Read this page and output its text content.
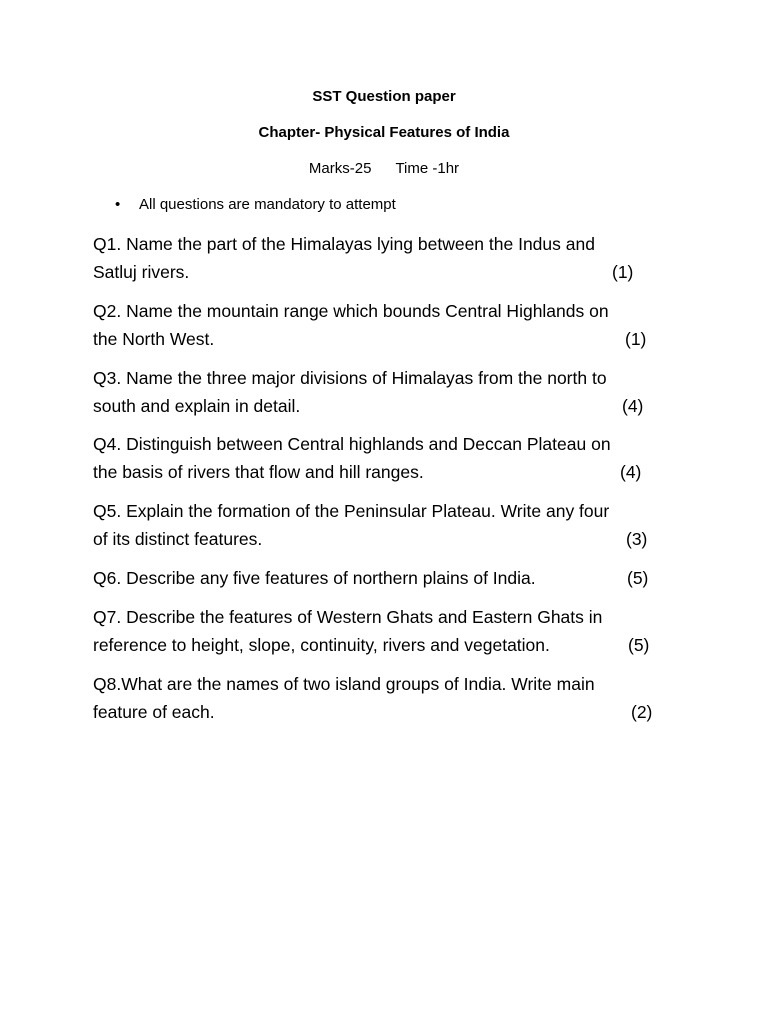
SST Question paper
Chapter- Physical Features of India
Marks-25 Time -1hr
• All questions are mandatory to attempt
Q1. Name the part of the Himalayas lying between the Indus and
Satluj rivers.	(1)
Q2. Name the mountain range which bounds Central Highlands on
the North West.	(1)
Q3. Name the three major divisions of Himalayas from the north to
south and explain in detail.	(4)
Q4. Distinguish between Central highlands and Deccan Plateau on
the basis of rivers that flow and hill ranges.	(4)
Q5. Explain the formation of the Peninsular Plateau. Write any four
of its distinct features.	(3)
Q6. Describe any five features of northern plains of India.	(5)
Q7. Describe the features of Western Ghats and Eastern Ghats in
reference to height, slope, continuity, rivers and vegetation.	(5)
Q8.What are the names of two island groups of India. Write main
feature of each.	(2)
